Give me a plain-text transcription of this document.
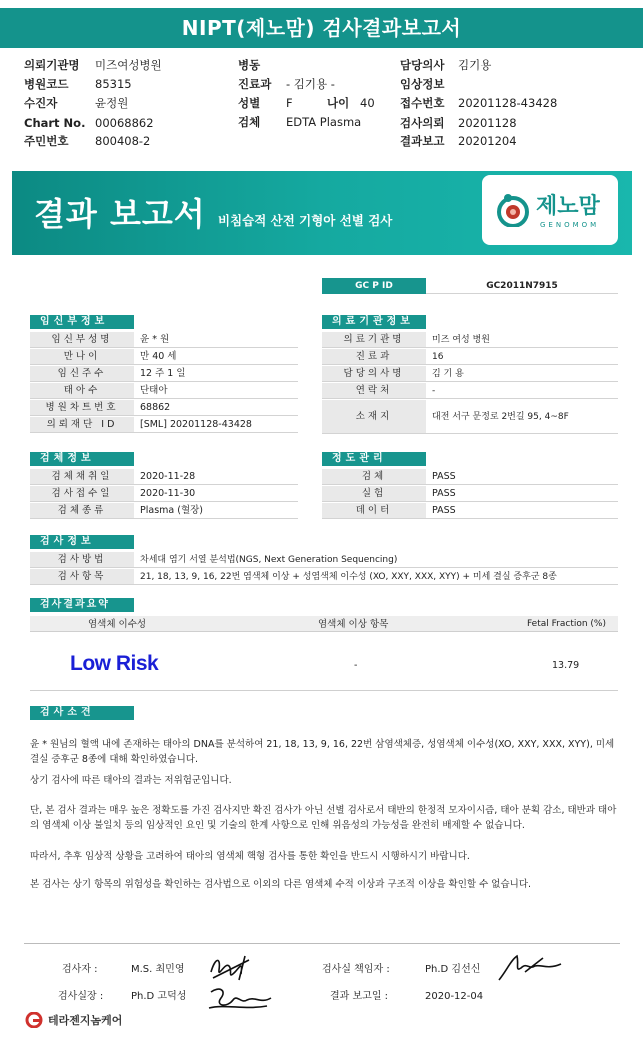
NIPT(제노맘) 검사결과보고서
의뢰기관명 미즈여성병원
병원코드 85315
수진자	윤정원
Chart No. 00068862
주민번호 800408-2
병동
진료과 - 김기용 -
성별 F	나이 40
검체 EDTA Plasma
담당의사 김기용
임상정보
접수번호 20201128-43428
검사의뢰 20201128
결과보고 20201204
결과 보고서 비침습적 산전 기형아 선별 검사
제노맘
GENOMOM
GC P ID	GC2011N7915
임신부정보
임신부성명	윤 * 원
만나이	만 40 세
임신주수	12 주 1 일
태아수	단태아
병원차트번호	68862
의뢰재단 ID	[SML] 20201128-43428
의료기관정보
의료기관명	미즈 여성 병원
진료과	16
담당의사명	김 기 용
연락처	-
소재지	대전 서구 문정로 2번길 95, 4~8F
검체정보
검체채취일	2020-11-28
검사접수일	2020-11-30
검체종류	Plasma (혈장)
정도관리
검체	PASS
실험	PASS
데이터	PASS
검사정보
검사방법	차세대 염기 서열 분석법(NGS, Next Generation Sequencing)
검사항목	21, 18, 13, 9, 16, 22번 염색체 이상 + 성염색체 이수성 (XO, XXY, XXX, XYY) + 미세 결실 증후군 8종
검사결과요약
염색체 이수성	염색체 이상 항목	Fetal Fraction (%)
Low Risk	-	13.79
검사소견
윤 * 원님의 혈액 내에 존재하는 태아의 DNA를 분석하여 21, 18, 13, 9, 16, 22번 삼염색체증, 성염색체 이수성(XO, XXY, XXX, XYY), 미세 결실 증후군 8종에 대해 확인하였습니다.
상기 검사에 따른 태아의 결과는 저위험군입니다.
단, 본 검사 결과는 매우 높은 정확도를 가진 검사지만 확진 검사가 아닌 선별 검사로서 태반의 한정적 모자이시즘, 태아 분획 감소, 태반과 태아의 염색체 이상 불일치 등의 임상적인 요인 및 기술의 한계 사항으로 인해 위음성의 가능성을 완전히 배제할 수 없습니다.
따라서, 추후 임상적 상황을 고려하여 태아의 염색체 핵형 검사를 통한 확인을 반드시 시행하시기 바랍니다.
본 검사는 상기 항목의 위험성을 확인하는 검사법으로 이외의 다른 염색체 수적 이상과 구조적 이상을 확인할 수 없습니다.
검사자 :	M.S. 최민영	검사실 책임자 :	Ph.D 김선신
검사실장 :	Ph.D 고덕성	결과 보고일 :	2020-12-04
테라젠지놈케어
